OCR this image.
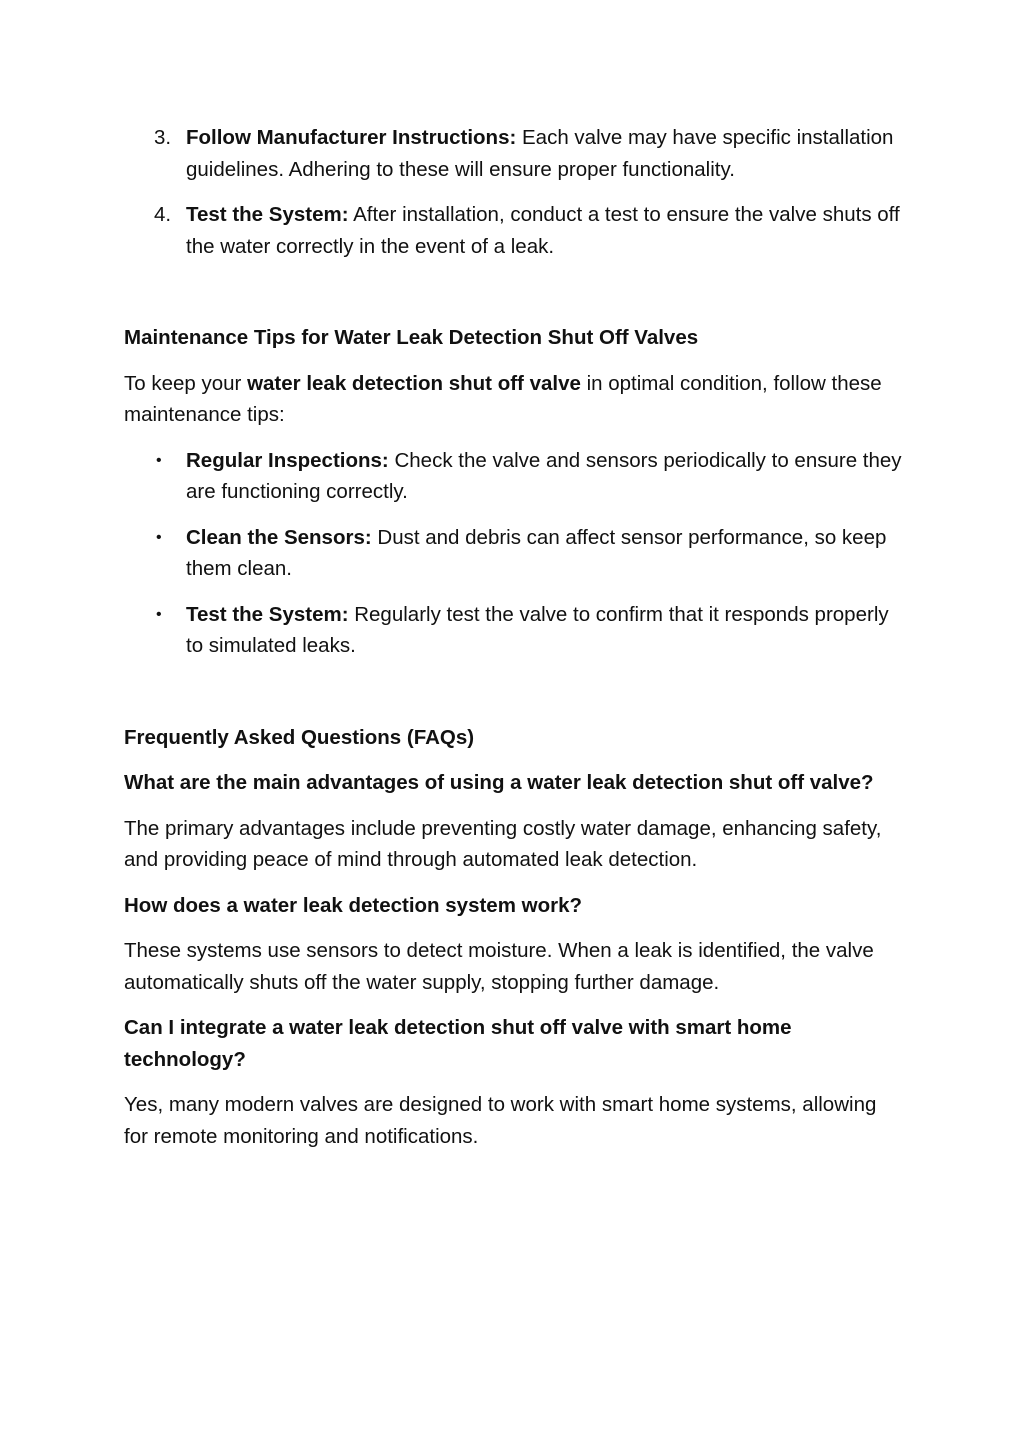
3. Follow Manufacturer Instructions: Each valve may have specific installation guidelines. Adhering to these will ensure proper functionality.
4. Test the System: After installation, conduct a test to ensure the valve shuts off the water correctly in the event of a leak.
Maintenance Tips for Water Leak Detection Shut Off Valves

To keep your water leak detection shut off valve in optimal condition, follow these maintenance tips:

• Regular Inspections: Check the valve and sensors periodically to ensure they are functioning correctly.
• Clean the Sensors: Dust and debris can affect sensor performance, so keep them clean.
• Test the System: Regularly test the valve to confirm that it responds properly to simulated leaks.
Frequently Asked Questions (FAQs)
What are the main advantages of using a water leak detection shut off valve?

The primary advantages include preventing costly water damage, enhancing safety, and providing peace of mind through automated leak detection.

How does a water leak detection system work?

These systems use sensors to detect moisture. When a leak is identified, the valve automatically shuts off the water supply, stopping further damage.

Can I integrate a water leak detection shut off valve with smart home technology?

Yes, many modern valves are designed to work with smart home systems, allowing for remote monitoring and notifications.
